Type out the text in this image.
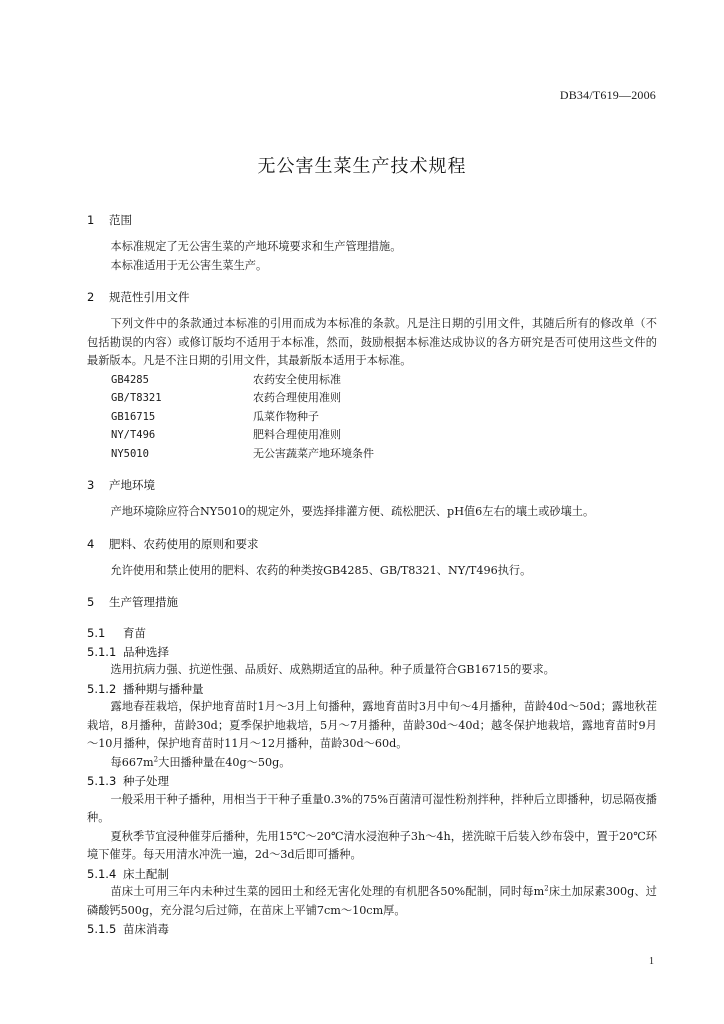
DB34/T619—2006
无公害生菜生产技术规程
1 范围

本标准规定了无公害生菜的产地环境要求和生产管理措施。

本标准适用于无公害生菜生产。

2 规范性引用文件

下列文件中的条款通过本标准的引用而成为本标准的条款。凡是注日期的引用文件，其随后所有的修改单（不包括勘误的内容）或修订版均不适用于本标准，然而，鼓励根据本标准达成协议的各方研究是否可使用这些文件的最新版本。凡是不注日期的引用文件，其最新版本适用于本标准。

GB4285	农药安全使用标准
GB/T8321	农药合理使用准则
GB16715	瓜菜作物种子
NY/T496	肥料合理使用准则
NY5010	无公害蔬菜产地环境条件
3 产地环境

产地环境除应符合NY5010的规定外，要选择排灌方便、疏松肥沃、pH值6左右的壤土或砂壤土。

4 肥料、农药使用的原则和要求

允许使用和禁止使用的肥料、农药的种类按GB4285、GB/T8321、NY/T496执行。

5 生产管理措施
5.1 育苗
5.1.1 品种选择

选用抗病力强、抗逆性强、品质好、成熟期适宜的品种。种子质量符合GB16715的要求。

5.1.2 播种期与播种量

露地春茬栽培，保护地育苗时1月～3月上旬播种，露地育苗时3月中旬～4月播种，苗龄40d～50d；露地秋茬栽培，8月播种，苗龄30d；夏季保护地栽培，5月～7月播种，苗龄30d～40d；越冬保护地栽培，露地育苗时9月～10月播种，保护地育苗时11月～12月播种，苗龄30d～60d。

每$667m^2$大田播种量在40g～50g。

5.1.3 种子处理

一般采用干种子播种，用相当于干种子重量0.3%的75%百菌清可湿性粉剂拌种，拌种后立即播种，切忌隔夜播种。

夏秋季节宜浸种催芽后播种，先用15℃～20℃清水浸泡种子3h～4h，搓洗晾干后装入纱布袋中，置于20℃环境下催芽。每天用清水冲洗一遍，2d～3d后即可播种。

5.1.4 床土配制

苗床土可用三年内未种过生菜的园田土和经无害化处理的有机肥各50%配制，同时每$m^2$床土加尿素300g、过磷酸钙500g，充分混匀后过筛，在苗床上平铺7cm～10cm厚。

5.1.5 苗床消毒
1
